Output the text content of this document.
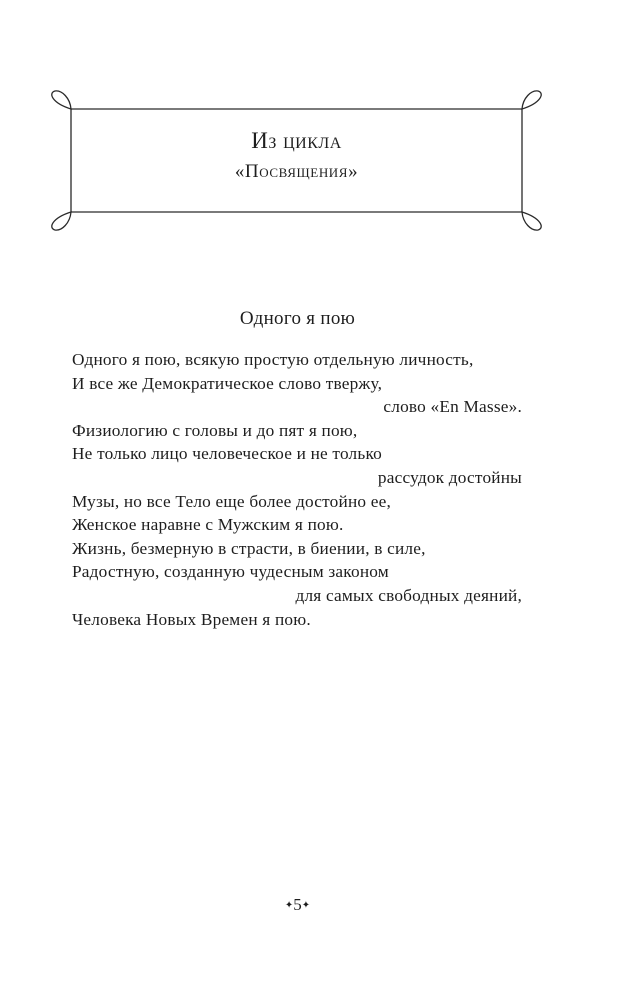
Из цикла
«Посвящения»
Одного я пою
Одного я пою, всякую простую отдельную личность,
И все же Демократическое слово твержу,
слово «En Masse».
Физиологию с головы и до пят я пою,
Не только лицо человеческое и не только
рассудок достойны
Музы, но все Тело еще более достойно ее,
Женское наравне с Мужским я пою.
Жизнь, безмерную в страсти, в биении, в силе,
Радостную, созданную чудесным законом
для самых свободных деяний,
Человека Новых Времен я пою.
✦5✦
